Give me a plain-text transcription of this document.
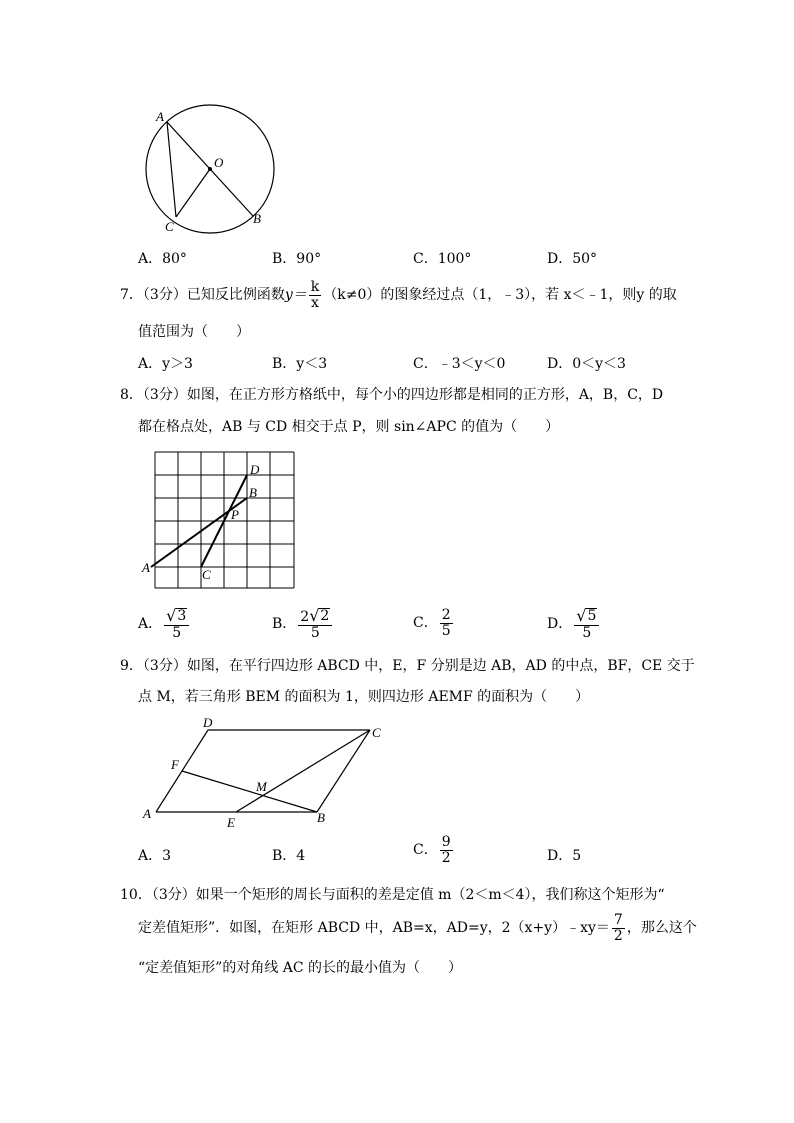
A
O
C
B
A．80°	B．90°	C．100°	D．50°
7．（3分）已知反比例函数$y= \frac{k}{x} (k\ne 0)$的图象经过点（1，﹣3），若 x＜﹣1，则y 的取
值范围为（　　）
A．y＞3	B．y＜3	C．﹣3＜y＜0	D．0＜y＜3
8．（3分）如图，在正方形方格纸中，每个小的四边形都是相同的正方形，A，B，C，D
都在格点处，AB 与 CD 相交于点 P，则 sin∠APC 的值为（　　）
D
B
P
A	C
A． $\frac{√ 3}{5}$	B． $\frac{2 √ 2}{5}$	C． $\frac{2}{5}$	D． $\frac{√ 5}{5}$
9．（3分）如图，在平行四边形 ABCD 中，E，F 分别是边 AB，AD 的中点，BF，CE 交于
点 M，若三角形 BEM 的面积为 1，则四边形 AEMF 的面积为（　　）
D
C
F
M
A
E	B
A．3	B．4	C． $\frac{9}{2}$	D．5
10．（3分）如果一个矩形的周长与面积的差是定值 m（2＜m＜4），我们称这个矩形为“
定差值矩形”．如图，在矩形 ABCD 中，AB=x，AD=y，2（x+y）﹣xy＝ $\frac{7}{2}$ ，那么这个
“定差值矩形”的对角线 AC 的长的最小值为（　　）
